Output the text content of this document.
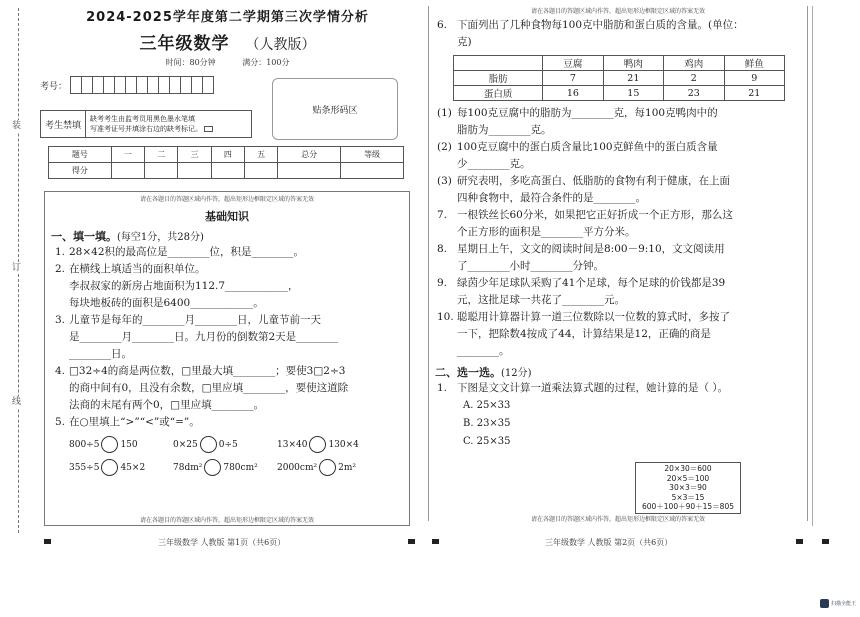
装
订
线
2024-2025学年度第二学期第三次学情分析
三年级数学 （人教版）
时间：80分钟	满分：100分
考号：
考生禁填
缺考考生由监考员用黑色墨水笔填
写准考证号并填涂右边的缺考标记。
贴条形码区
题号	一	二	三	四	五	总分	等级
得分							
请在各题目的答题区域内作答，超出矩形边框限定区域的答案无效
基础知识
一、填一填。(每空1分，共28分)
1. 28×42积的最高位是________位，积是________。
2. 在横线上填适当的面积单位。
李叔叔家的新房占地面积为112.7____________，
每块地板砖的面积是6400____________。
3. 儿童节是每年的________月________日，儿童节前一天
是________月________日。九月份的倒数第2天是________
________日。
4. □32÷4的商是两位数，□里最大填________；要使3□2÷3
的商中间有0，且没有余数，□里应填________，要使这道除
法商的末尾有两个0，□里应填________。
5. 在○里填上“>”“<”或“=”。
800÷5 150	0×25 0÷5	13×40 130×4
355÷5 45×2	78dm² 780cm² 2000cm² 2m²
请在各题目的答题区域内作答，超出矩形边框限定区域的答案无效
请在各题目的答题区域内作答，超出矩形边框限定区域的答案无效
6. 下面列出了几种食物每100克中脂肪和蛋白质的含量。(单位：
克)
	豆腐	鸭肉	鸡肉	鲜鱼
脂肪	7	21	2	9
蛋白质	16	15	23	21
(1) 每100克豆腐中的脂肪为________克，每100克鸭肉中的
脂肪为________克。
(2) 100克豆腐中的蛋白质含量比100克鲜鱼中的蛋白质含量
少________克。
(3) 研究表明，多吃高蛋白、低脂肪的食物有利于健康，在上面
四种食物中，最符合条件的是________。
7. 一根铁丝长60分米，如果把它正好折成一个正方形，那么这
个正方形的面积是________平方分米。
8. 星期日上午，文文的阅读时间是8:00－9:10，文文阅读用
了________小时________分钟。
9. 绿茵少年足球队采购了41个足球，每个足球的价钱都是39
元，这批足球一共花了________元。
10. 聪聪用计算器计算一道三位数除以一位数的算式时，多按了
一下，把除数4按成了44，计算结果是12，正确的商是
________。
二、选一选。(12分)
1. 下图是文文计算一道乘法算式题的过程，她计算的是（ ）。
A. 25×33
B. 23×35
C. 25×35
20×30＝600
20×5＝100
30×3＝90
5×3＝15
600＋100＋90＋15＝805
请在各题目的答题区域内作答，超出矩形边框限定区域的答案无效
三年级数学 人教版 第1页（共6页）	三年级数学 人教版 第2页（共6页）
扫描全能王
